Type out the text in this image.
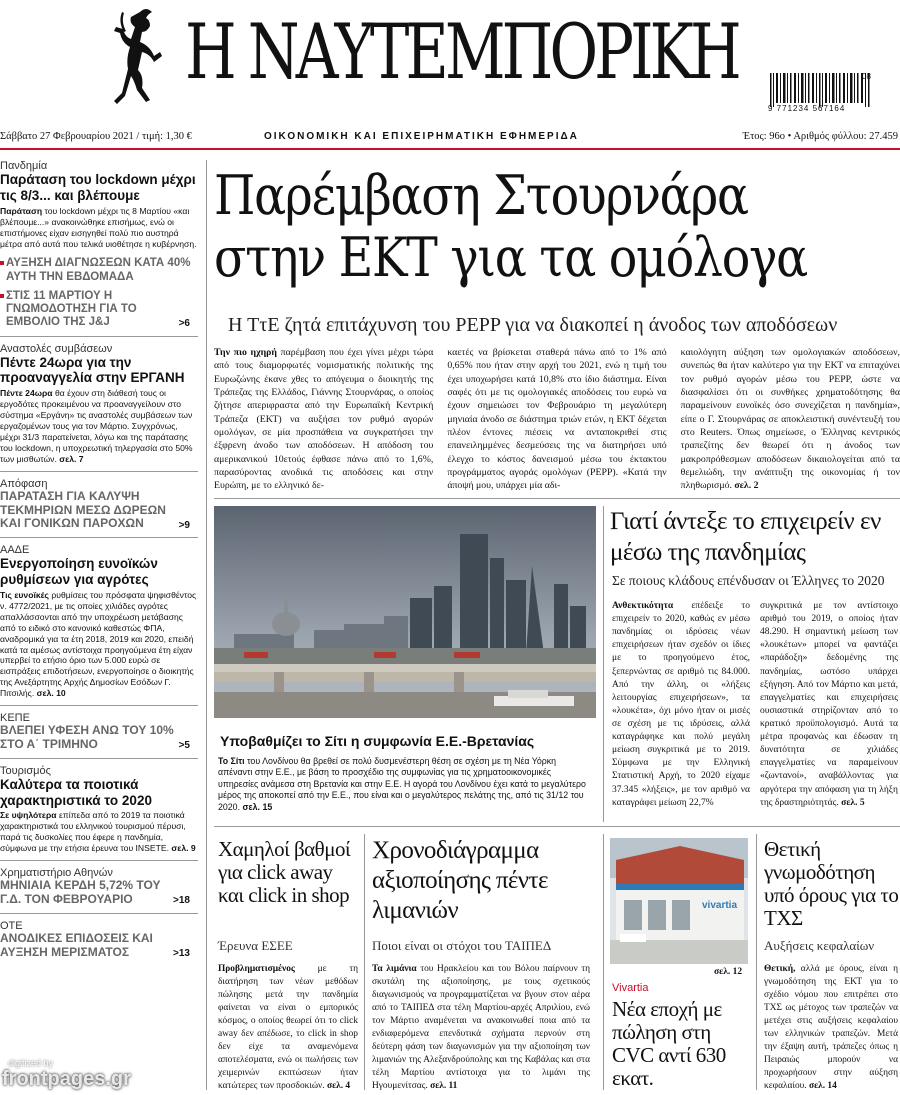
Η ΝΑΥΤΕΜΠΟΡΙΚΗ
9 771234 567164
08
Σάββατο 27 Φεβρουαρίου 2021 / τιμή: 1,30 €	ΟΙΚΟΝΟΜΙΚΗ ΚΑΙ ΕΠΙΧΕΙΡΗΜΑΤΙΚΗ ΕΦΗΜΕΡΙΔΑ	Έτος: 96ο • Αριθμός φύλλου: 27.459
Πανδημία
Παράταση του lockdown μέχρι τις 8/3... και βλέπουμε
Παράταση του lockdown μέχρι τις 8 Μαρτίου «και βλέπουμε...» ανακοινώθηκε επισήμως, ενώ οι επιστήμονες είχαν εισηγηθεί πολύ πιο αυστηρά μέτρα από αυτά που τελικά υιοθέτησε η κυβέρνηση.
ΑΥΞΗΣΗ ΔΙΑΓΝΩΣΕΩΝ ΚΑΤΑ 40% ΑΥΤΗ ΤΗΝ ΕΒΔΟΜΑΔΑ
ΣΤΙΣ 11 ΜΑΡΤΙΟΥ Η ΓΝΩΜΟΔΟΤΗΣΗ ΓΙΑ ΤΟ ΕΜΒΟΛΙΟ ΤΗΣ J&J	>6
Αναστολές συμβάσεων
Πέντε 24ωρα για την προαναγγελία στην ΕΡΓΑΝΗ
Πέντε 24ωρα θα έχουν στη διάθεσή τους οι εργοδότες προκειμένου να προαναγγείλουν στο σύστημα «Εργάνη» τις αναστολές συμβάσεων των εργαζομένων τους για τον Μάρτιο. Συγχρόνως, μέχρι 31/3 παρατείνεται, λόγω και της παράτασης του lockdown, η υποχρεωτική τηλεργασία στο 50% των μισθωτών. σελ. 7
Απόφαση
ΠΑΡΑΤΑΣΗ ΓΙΑ ΚΑΛΥΨΗ ΤΕΚΜΗΡΙΩΝ ΜΕΣΩ ΔΩΡΕΩΝ ΚΑΙ ΓΟΝΙΚΩΝ ΠΑΡΟΧΩΝ	>9
ΑΑΔΕ
Ενεργοποίηση ευνοϊκών ρυθμίσεων για αγρότες
Τις ευνοϊκές ρυθμίσεις του πρόσφατα ψηφισθέντος ν. 4772/2021, με τις οποίες χιλιάδες αγρότες απαλλάσσονται από την υποχρέωση μετάβασης από το ειδικό στο κανονικό καθεστώς ΦΠΑ, αναδρομικά για τα έτη 2018, 2019 και 2020, επειδή κατά τα αμέσως αντίστοιχα προηγούμενα έτη είχαν υπερβεί το ετήσιο όριο των 5.000 ευρώ σε εισπράξεις επιδοτήσεων, ενεργοποίησε ο διοικητής της Ανεξάρτητης Αρχής Δημοσίων Εσόδων Γ. Πιτσιλής. σελ. 10
ΚΕΠΕ
ΒΛΕΠΕΙ ΥΦΕΣΗ ΑΝΩ ΤΟΥ 10% ΣΤΟ Α΄ ΤΡΙΜΗΝΟ	>5
Τουρισμός
Καλύτερα τα ποιοτικά χαρακτηριστικά το 2020
Σε υψηλότερα επίπεδα από το 2019 τα ποιοτικά χαρακτηριστικά του ελληνικού τουρισμού πέρυσι, παρά τις δυσκολίες που έφερε η πανδημία, σύμφωνα με την ετήσια έρευνα του INSETE. σελ. 9
Χρηματιστήριο Αθηνών
ΜΗΝΙΑΙΑ ΚΕΡΔΗ 5,72% ΤΟΥ Γ.Δ. ΤΟΝ ΦΕΒΡΟΥΑΡΙΟ	>18
ΟΤΕ
ΑΝΟΔΙΚΕΣ ΕΠΙΔΟΣΕΙΣ ΚΑΙ ΑΥΞΗΣΗ ΜΕΡΙΣΜΑΤΟΣ	>13
Παρέμβαση Στουρνάρα
στην ΕΚΤ για τα ομόλογα
Η ΤτΕ ζητά επιτάχυνση του PEPP για να διακοπεί η άνοδος των αποδόσεων
Την πιο ηχηρή παρέμβαση που έχει γίνει μέχρι τώρα από τους διαμορφωτές νομισματικής πολιτικής της Ευρωζώνης έκανε χθες το απόγευμα ο διοικητής της Τράπεζας της Ελλάδος, Γιάννης Στουρνάρας, ο οποίος ζήτησε απεριφραστα από την Ευρωπαϊκή Κεντρική Τράπεζα (ΕΚΤ) να αυξήσει τον ρυθμό αγορών ομολόγων, σε μία προσπάθεια να συγκρατήσει την έξφρενη άνοδο των αποδόσεων. Η απόδοση του αμερικανικού 10ετούς έφθασε πάνω από το 1,6%, παρασύροντας ανοδικά τις αποδόσεις και στην Ευρώπη, με το ελληνικό δε-
καετές να βρίσκεται σταθερά πάνω από το 1% από 0,65% που ήταν στην αρχή του 2021, ενώ η τιμή του έχει υποχωρήσει κατά 10,8% στο ίδιο διάστημα. Είναι σαφές ότι με τις ομολογιακές αποδόσεις του ευρώ να έχουν σημειώσει τον Φεβρουάριο τη μεγαλύτερη μηνιαία άνοδο σε διάστημα τριών ετών, η ΕΚΤ δέχεται πλέον έντονες πιέσεις να ανταποκριθεί στις επανειλημμένες δεσμεύσεις της να διατηρήσει υπό έλεγχο το κόστος δανεισμού μέσω του έκτακτου προγράμματος αγοράς ομολόγων (PEPP). «Κατά την άποψή μου, υπάρχει μία αδι-
καιολόγητη αύξηση των ομολογιακών αποδόσεων, συνεπώς θα ήταν καλύτερο για την ΕΚΤ να επιταχύνει τον ρυθμό αγορών μέσω του PEPP, ώστε να διασφαλίσει ότι οι συνθήκες χρηματοδότησης θα παραμείνουν ευνοϊκές όσο συνεχίζεται η πανδημία», είπε ο Γ. Στουρνάρας σε αποκλειστική συνέντευξή του στο Reuters. Όπως σημείωσε, ο Έλληνας κεντρικός τραπεζίτης δεν θεωρεί ότι η άνοδος των μακροπρόθεσμων αποδόσεων δικαιολογείται από τα θεμελιώδη, την ανάπτυξη της οικονομίας ή τον πληθωρισμό. σελ. 2
Υποβαθμίζει το Σίτι η συμφωνία Ε.Ε.-Βρετανίας
Το Σίτι του Λονδίνου θα βρεθεί σε πολύ δυσμενέστερη θέση σε σχέση με τη Νέα Υόρκη απέναντι στην Ε.Ε., με βάση το προσχέδιο της συμφωνίας για τις χρηματοοικονομικές υπηρεσίες ανάμεσα στη Βρετανία και στην Ε.Ε. Η αγορά του Λονδίνου έχει κατά το μεγαλύτερο μέρος της αποκοπεί από την Ε.Ε., που είναι και ο μεγαλύτερος πελάτης της, από τις 31/12 του 2020. σελ. 15
Γιατί άντεξε το επιχειρείν εν μέσω της πανδημίας
Σε ποιους κλάδους επένδυσαν οι Έλληνες το 2020
Ανθεκτικότητα επέδειξε το επιχειρείν το 2020, καθώς εν μέσω πανδημίας οι ιδρύσεις νέων επιχειρήσεων ήταν σχεδόν οι ίδιες με το προηγούμενο έτος, ξεπερνώντας σε αριθμό τις 84.000. Από την άλλη, οι «λήξεις λειτουργίας επιχειρήσεων», τα «λουκέτα», όχι μόνο ήταν οι μισές σε σχέση με τις ιδρύσεις, αλλά καταγράφηκε και πολύ μεγάλη μείωση συγκριτικά με το 2019. Σύμφωνα με την Ελληνική Στατιστική Αρχή, το 2020 είχαμε 37.345 «λήξεις», με τον αριθμό να καταγράφει μείωση 22,7%
συγκριτικά με τον αντίστοιχο αριθμό του 2019, ο οποίος ήταν 48.290. Η σημαντική μείωση των «λουκέτων» μπορεί να φαντάζει «παράδοξη» δεδομένης της πανδημίας, ωστόσο υπάρχει εξήγηση. Από τον Μάρτιο και μετά, επαγγελματίες και επιχειρήσεις ουσιαστικά στηρίζονταν από το κρατικό προϋπολογισμό. Αυτά τα μέτρα προφανώς και έδωσαν τη δυνατότητα σε χιλιάδες επαγγελματίες να παραμείνουν «ζωντανοί», αναβάλλοντας για αργότερα την απόφαση για τη λήξη της δραστηριότητάς. σελ. 5
Χαμηλοί βαθμοί για click away και click in shop
Έρευνα ΕΣΕΕ
Προβληματισμένος με τη διατήρηση των νέων μεθόδων πώλησης μετά την πανδημία φαίνεται να είναι ο εμπορικός κόσμος, ο οποίος θεωρεί ότι το click away δεν απέδωσε, το click in shop δεν είχε τα αναμενόμενα αποτελέσματα, ενώ οι πωλήσεις των χειμερινών εκπτώσεων ήταν κατώτερες των προσδοκιών. σελ. 4
Χρονοδιάγραμμα αξιοποίησης πέντε λιμανιών
Ποιοι είναι οι στόχοι του ΤΑΙΠΕΔ
Τα λιμάνια του Ηρακλείου και του Βόλου παίρνουν τη σκυτάλη της αξιοποίησης, με τους σχετικούς διαγωνισμούς να προγραμματίζεται να βγουν στον αέρα από το ΤΑΙΠΕΔ στα τέλη Μαρτίου-αρχές Απριλίου, ενώ τον Μάρτιο αναμένεται να ανακοινωθεί ποια από τα ενδιαφερόμενα επενδυτικά σχήματα περνούν στη δεύτερη φάση των διαγωνισμών για την αξιοποίηση των λιμανιών της Αλεξανδρούπολης και της Καβάλας και στα τέλη Μαρτίου αντίστοιχα για το λιμάνι της Ηγουμενίτσας. σελ. 11
vivartia
σελ. 12
Vivartia
Νέα εποχή με πώληση στη CVC αντί 630 εκατ.
Θετική γνωμοδότηση υπό όρους για το ΤΧΣ
Αυξήσεις κεφαλαίων
Θετική, αλλά με όρους, είναι η γνωμοδότηση της ΕΚΤ για το σχέδιο νόμου που επιτρέπει στο ΤΧΣ ως μέτοχος των τραπεζών να μετέχει στις αυξήσεις κεφαλαίου των ελληνικών τραπεζών. Μετά την έξαψη αυτή, τράπεζες όπως η Πειραιώς μπορούν να προχωρήσουν στην αύξηση κεφαλαίου. σελ. 14
digitized by
frontpages.gr
